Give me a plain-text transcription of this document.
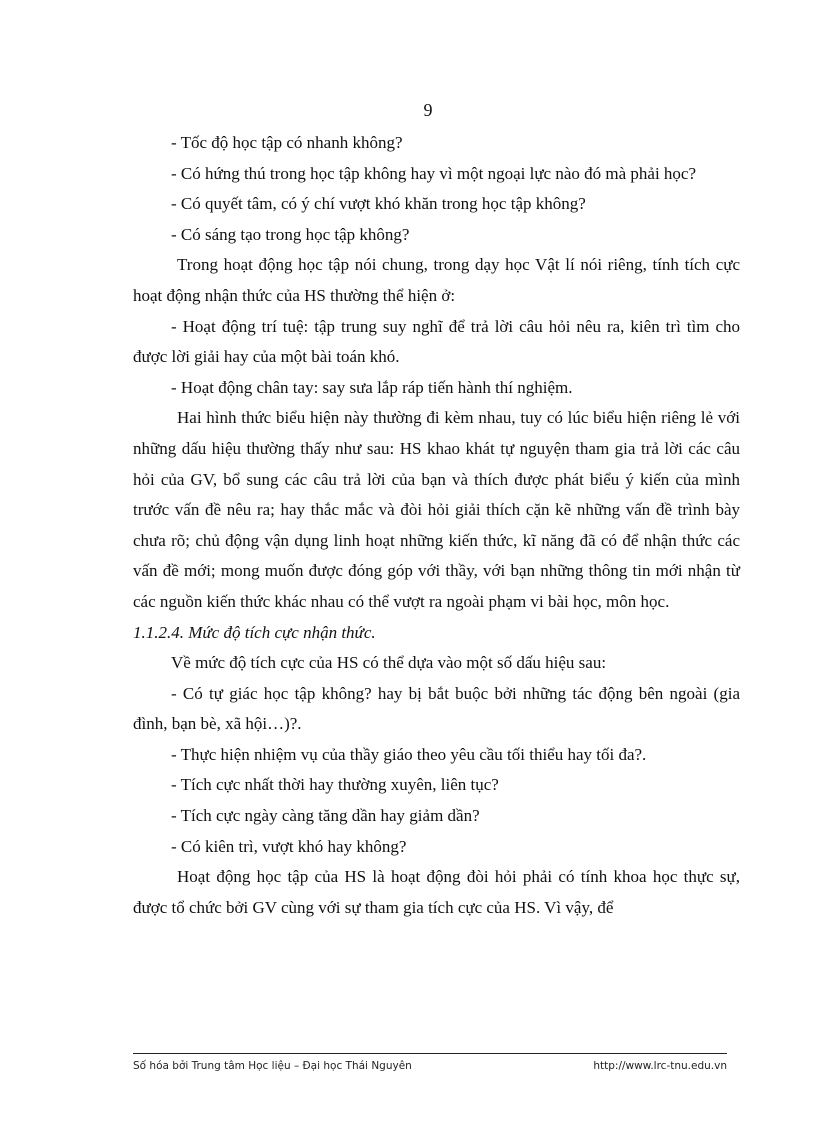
9

- Tốc độ học tập có nhanh không?

- Có hứng thú trong học tập không hay vì một ngoại lực nào đó mà phải học?

- Có quyết tâm, có ý chí vượt khó khăn trong học tập không?

- Có sáng tạo trong học tập không?

Trong hoạt động học tập nói chung, trong dạy học Vật lí nói riêng, tính tích cực hoạt động nhận thức của HS thường thể hiện ở:

- Hoạt động trí tuệ: tập trung suy nghĩ để trả lời câu hỏi nêu ra, kiên trì tìm cho được lời giải hay của một bài toán khó.

- Hoạt động chân tay: say sưa lắp ráp tiến hành thí nghiệm.

Hai hình thức biểu hiện này thường đi kèm nhau, tuy có lúc biểu hiện riêng lẻ với những dấu hiệu thường thấy như sau: HS khao khát tự nguyện tham gia trả lời các câu hỏi của GV, bổ sung các câu trả lời của bạn và thích được phát biểu ý kiến của mình trước vấn đề nêu ra; hay thắc mắc và đòi hỏi giải thích cặn kẽ những vấn đề trình bày chưa rõ; chủ động vận dụng linh hoạt những kiến thức, kĩ năng đã có để nhận thức các vấn đề mới; mong muốn được đóng góp với thầy, với bạn những thông tin mới nhận từ các nguồn kiến thức khác nhau có thể vượt ra ngoài phạm vi bài học, môn học.

1.1.2.4. Mức độ tích cực nhận thức.

Về mức độ tích cực của HS có thể dựa vào một số dấu hiệu sau:

- Có tự giác học tập không? hay bị bắt buộc bởi những tác động bên ngoài (gia đình, bạn bè, xã hội…)?.

- Thực hiện nhiệm vụ của thầy giáo theo yêu cầu tối thiểu hay tối đa?.

- Tích cực nhất thời hay thường xuyên, liên tục?

- Tích cực ngày càng tăng dần hay giảm dần?

- Có kiên trì, vượt khó hay không?

Hoạt động học tập của HS là hoạt động đòi hỏi phải có tính khoa học thực sự, được tổ chức bởi GV cùng với sự tham gia tích cực của HS. Vì vậy, để

Số hóa bởi Trung tâm Học liệu – Đại học Thái Nguyên	http://www.lrc-tnu.edu.vn
